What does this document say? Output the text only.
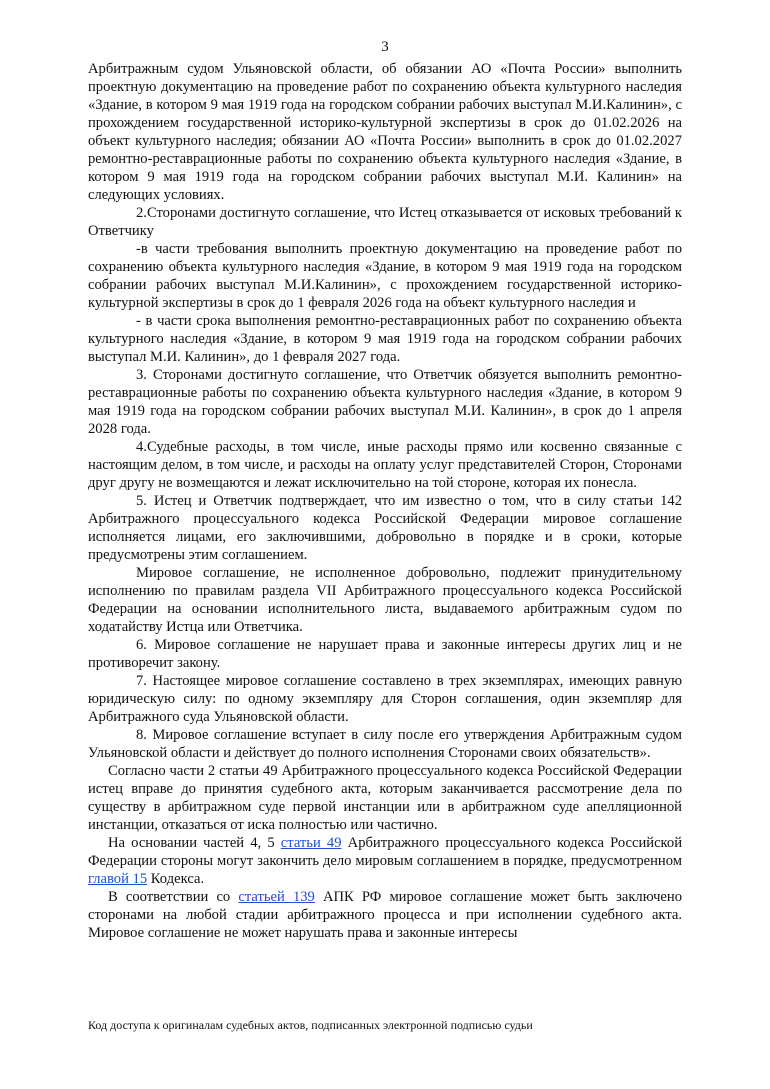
3

Арбитражным судом Ульяновской области, об обязании АО «Почта России» выполнить проектную документацию на проведение работ по сохранению объекта культурного наследия «Здание, в котором 9 мая 1919 года на городском собрании рабочих выступал М.И.Калинин», с прохождением государственной историко-культурной экспертизы в срок до 01.02.2026 на объект культурного наследия; обязании АО «Почта России» выполнить в срок до 01.02.2027 ремонтно-реставрационные работы по сохранению объекта культурного наследия «Здание, в котором 9 мая 1919 года на городском собрании рабочих выступал М.И. Калинин» на следующих условиях.

2.Сторонами достигнуто соглашение, что Истец отказывается от исковых требований к Ответчику

-в части требования выполнить проектную документацию на проведение работ по сохранению объекта культурного наследия «Здание, в котором 9 мая 1919 года на городском собрании рабочих выступал М.И.Калинин», с прохождением государственной историко-культурной экспертизы в срок до 1 февраля 2026 года на объект культурного наследия и

- в части срока выполнения ремонтно-реставрационных работ по сохранению объекта культурного наследия «Здание, в котором 9 мая 1919 года на городском собрании рабочих выступал М.И. Калинин», до 1 февраля 2027 года.

3. Сторонами достигнуто соглашение, что Ответчик обязуется выполнить ремонтно-реставрационные работы по сохранению объекта культурного наследия «Здание, в котором 9 мая 1919 года на городском собрании рабочих выступал М.И. Калинин», в срок до 1 апреля 2028 года.

4.Судебные расходы, в том числе, иные расходы прямо или косвенно связанные с настоящим делом, в том числе, и расходы на оплату услуг представителей Сторон, Сторонами друг другу не возмещаются и лежат исключительно на той стороне, которая их понесла.

5. Истец и Ответчик подтверждает, что им известно о том, что в силу статьи 142 Арбитражного процессуального кодекса Российской Федерации мировое соглашение исполняется лицами, его заключившими, добровольно в порядке и в сроки, которые предусмотрены этим соглашением.

Мировое соглашение, не исполненное добровольно, подлежит принудительному исполнению по правилам раздела VII Арбитражного процессуального кодекса Российской Федерации на основании исполнительного листа, выдаваемого арбитражным судом по ходатайству Истца или Ответчика.

6. Мировое соглашение не нарушает права и законные интересы других лиц и не противоречит закону.

7. Настоящее мировое соглашение составлено в трех экземплярах, имеющих равную юридическую силу: по одному экземпляру для Сторон соглашения, один экземпляр для Арбитражного суда Ульяновской области.

8. Мировое соглашение вступает в силу после его утверждения Арбитражным судом Ульяновской области и действует до полного исполнения Сторонами своих обязательств».

Согласно части 2 статьи 49 Арбитражного процессуального кодекса Российской Федерации истец вправе до принятия судебного акта, которым заканчивается рассмотрение дела по существу в арбитражном суде первой инстанции или в арбитражном суде апелляционной инстанции, отказаться от иска полностью или частично.

На основании частей 4, 5 статьи 49 Арбитражного процессуального кодекса Российской Федерации стороны могут закончить дело мировым соглашением в порядке, предусмотренном главой 15 Кодекса.

В соответствии со статьей 139 АПК РФ мировое соглашение может быть заключено сторонами на любой стадии арбитражного процесса и при исполнении судебного акта. Мировое соглашение не может нарушать права и законные интересы

Код доступа к оригиналам судебных актов, подписанных электронной подписью судьи
